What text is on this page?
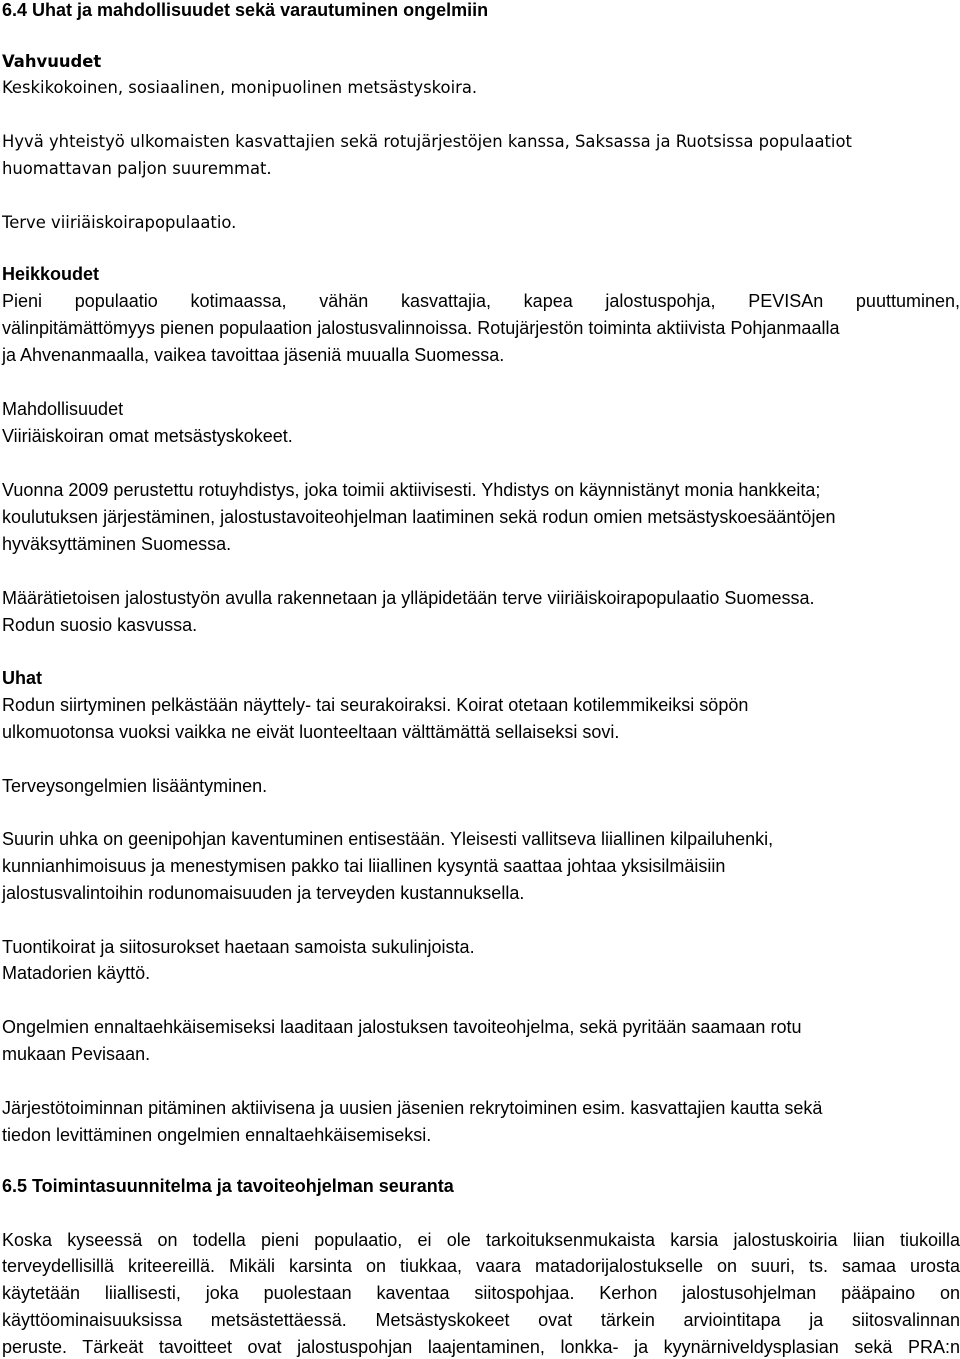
6.4 Uhat ja mahdollisuudet sekä varautuminen ongelmiin
Vahvuudet
Keskikokoinen, sosiaalinen, monipuolinen metsästyskoira.
Hyvä yhteistyö ulkomaisten kasvattajien sekä rotujärjestöjen kanssa, Saksassa ja Ruotsissa populaatiot
huomattavan paljon suuremmat.
Terve viiriäiskoirapopulaatio.
Heikkoudet
Pieni populaatio kotimaassa, vähän kasvattajia, kapea jalostuspohja, PEVISAn puuttuminen,
välinpitämättömyys pienen populaation jalostusvalinnoissa. Rotujärjestön toiminta aktiivista Pohjanmaalla
ja Ahvenanmaalla, vaikea tavoittaa jäseniä muualla Suomessa.
Mahdollisuudet
Viiriäiskoiran omat metsästyskokeet.
Vuonna 2009 perustettu rotuyhdistys, joka toimii aktiivisesti. Yhdistys on käynnistänyt monia hankkeita;
koulutuksen järjestäminen, jalostustavoiteohjelman laatiminen sekä rodun omien metsästyskoesääntöjen
hyväksyttäminen Suomessa.
Määrätietoisen jalostustyön avulla rakennetaan ja ylläpidetään terve viiriäiskoirapopulaatio Suomessa.
Rodun suosio kasvussa.
Uhat
Rodun siirtyminen pelkästään näyttely- tai seurakoiraksi. Koirat otetaan kotilemmikeiksi söpön
ulkomuotonsa vuoksi vaikka ne eivät luonteeltaan välttämättä sellaiseksi sovi.
Terveysongelmien lisääntyminen.
Suurin uhka on geenipohjan kaventuminen entisestään. Yleisesti vallitseva liiallinen kilpailuhenki,
kunnianhimoisuus ja menestymisen pakko tai liiallinen kysyntä saattaa johtaa yksisilmäisiin
jalostusvalintoihin rodunomaisuuden ja terveyden kustannuksella.
Tuontikoirat ja siitosurokset haetaan samoista sukulinjoista.
Matadorien käyttö.
Ongelmien ennaltaehkäisemiseksi laaditaan jalostuksen tavoiteohjelma, sekä pyritään saamaan rotu
mukaan Pevisaan.
Järjestötoiminnan pitäminen aktiivisena ja uusien jäsenien rekrytoiminen esim. kasvattajien kautta sekä
tiedon levittäminen ongelmien ennaltaehkäisemiseksi.
6.5 Toimintasuunnitelma ja tavoiteohjelman seuranta
Koska kyseessä on todella pieni populaatio, ei ole tarkoituksenmukaista karsia jalostuskoiria liian tiukoilla
terveydellisillä kriteereillä. Mikäli karsinta on tiukkaa, vaara matadorijalostukselle on suuri, ts. samaa urosta
käytetään liiallisesti, joka puolestaan kaventaa siitospohjaa. Kerhon jalostusohjelman pääpaino on
käyttöominaisuuksissa metsästettäessä. Metsästyskokeet ovat tärkein arviointitapa ja siitosvalinnan
peruste. Tärkeät tavoitteet ovat jalostuspohjan laajentaminen, lonkka- ja kyynärniveldysplasian sekä PRA:n
